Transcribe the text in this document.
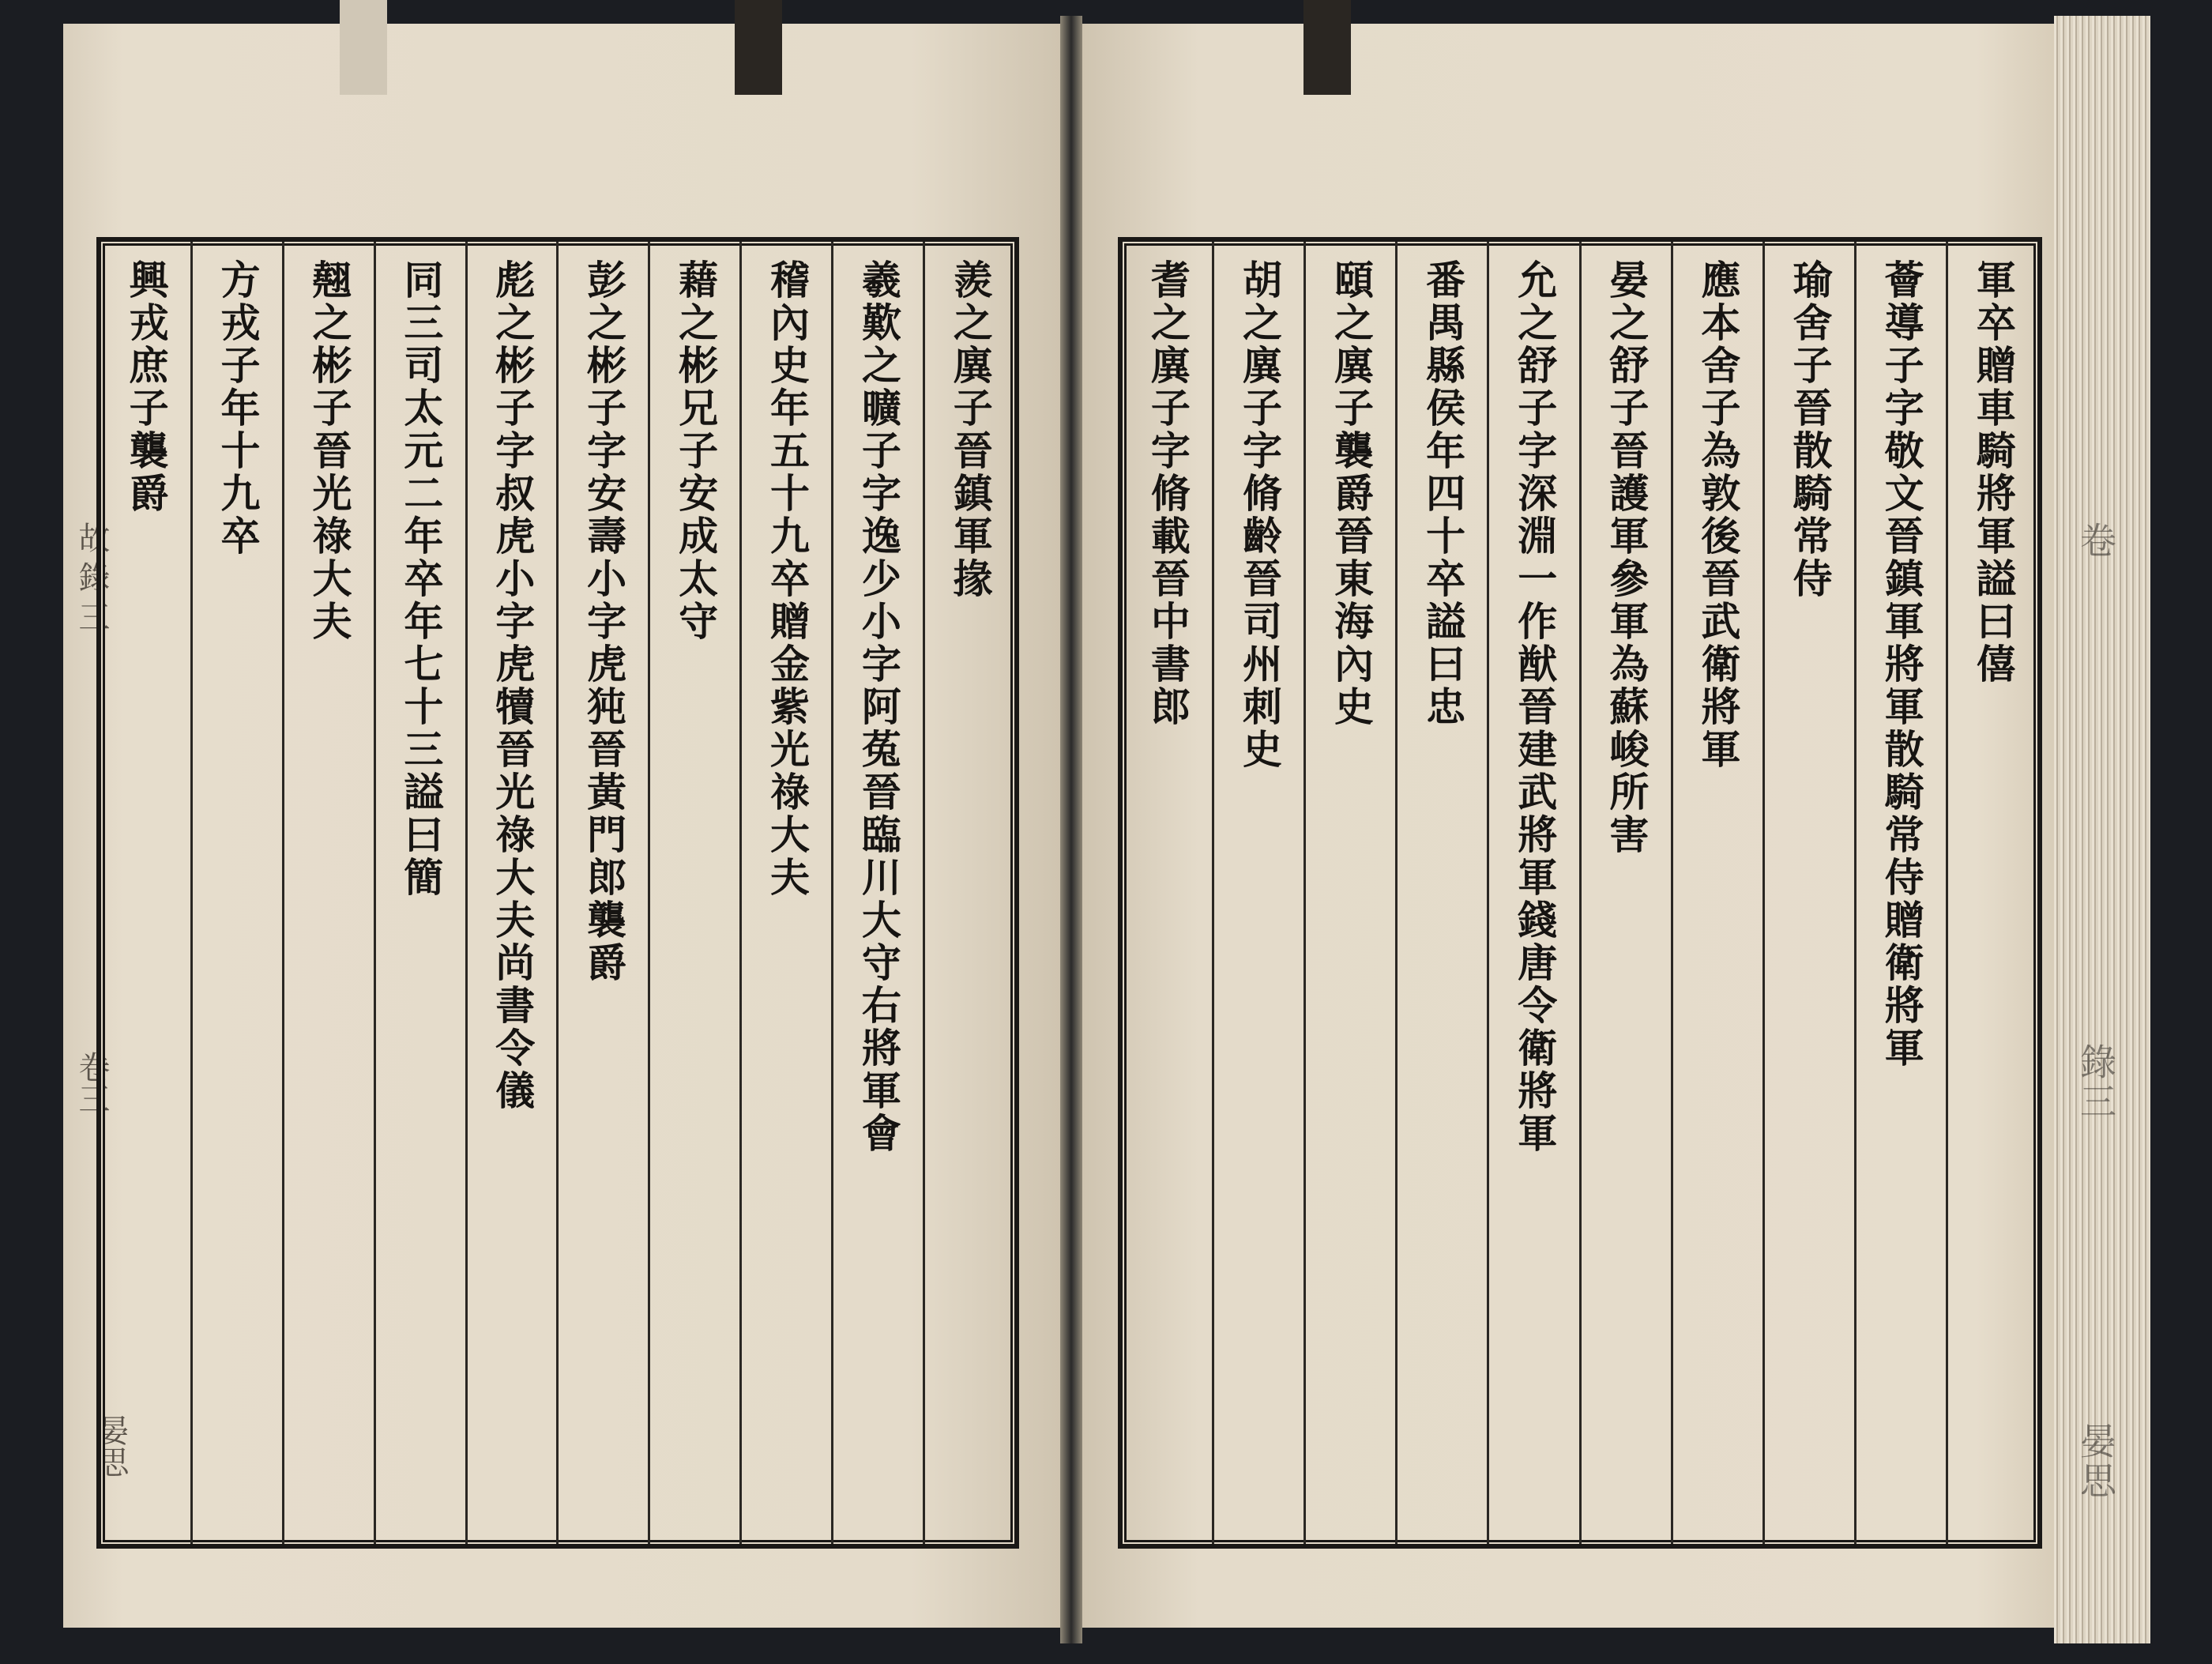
卷
錄三
晏思
故錄三
卷三
晏思
羨之廙子晉鎮軍掾
羲歎之曠子字逸少小字阿菟晉臨川大守右將軍會
稽內史年五十九卒贈金紫光祿大夫
藉之彬兄子安成太守
彭之彬子字安壽小字虎㹠晉黃門郎襲爵
彪之彬子字叔虎小字虎犢晉光祿大夫尚書令儀
同三司太元二年卒年七十三謚曰簡
翹之彬子晉光祿大夫
方戎子年十九卒
興戎庶子襲爵	軍卒贈車騎將軍謚曰僖
薈導子字敬文晉鎮軍將軍散騎常侍贈衛將軍
瑜舍子晉散騎常侍
應本舍子為敦後晉武衛將軍
晏之舒子晉護軍參軍為蘇峻所害
允之舒子字深淵一作猷晉建武將軍錢唐令衛將軍
番禺縣侯年四十卒謚曰忠
頤之廙子襲爵晉東海內史
胡之廙子字脩齡晉司州刺史
耆之廙子字脩載晉中書郎
